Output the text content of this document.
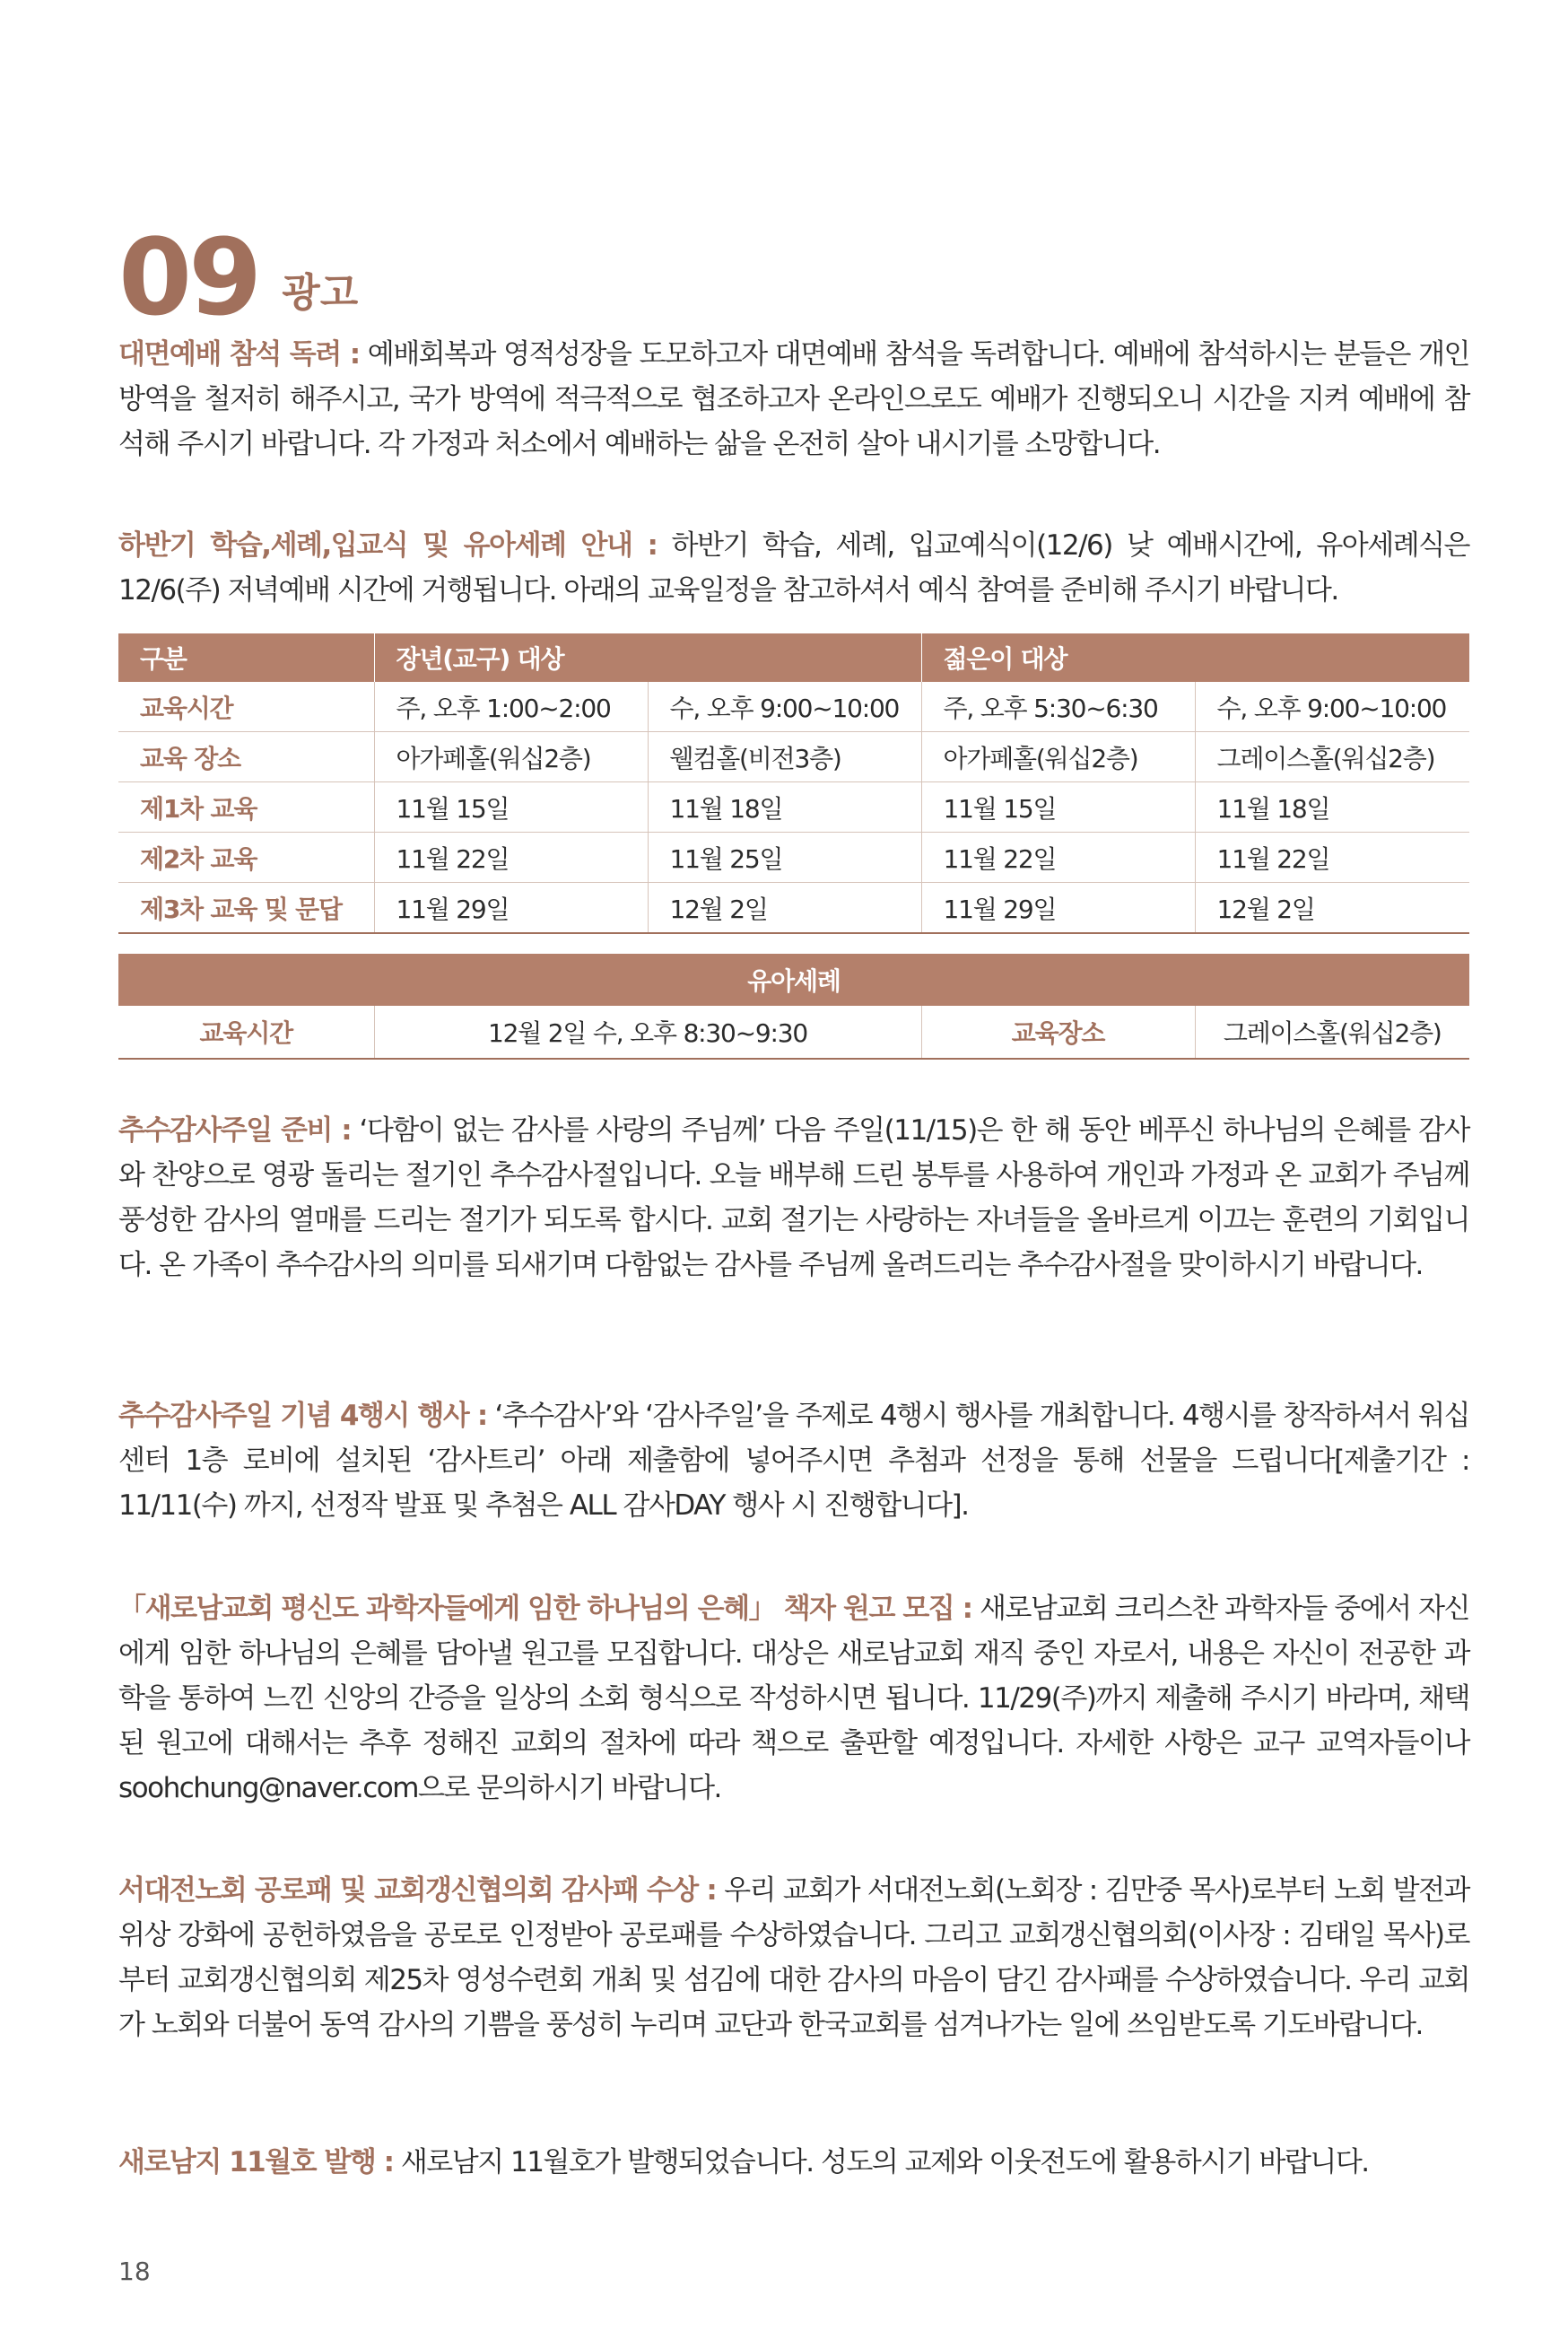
09 광고

대면예배 참석 독려 : 예배회복과 영적성장을 도모하고자 대면예배 참석을 독려합니다. 예배에 참석하시는 분들은 개인 방역을 철저히 해주시고, 국가 방역에 적극적으로 협조하고자 온라인으로도 예배가 진행되오니 시간을 지켜 예배에 참석해 주시기 바랍니다. 각 가정과 처소에서 예배하는 삶을 온전히 살아 내시기를 소망합니다.

하반기 학습,세례,입교식 및 유아세례 안내 : 하반기 학습, 세례, 입교예식이(12/6) 낮 예배시간에, 유아세례식은 12/6(주) 저녁예배 시간에 거행됩니다. 아래의 교육일정을 참고하셔서 예식 참여를 준비해 주시기 바랍니다.

구분	장년(교구) 대상		젊은이 대상	
교육시간	주, 오후 1:00~2:00	수, 오후 9:00~10:00	주, 오후 5:30~6:30	수, 오후 9:00~10:00
교육 장소	아가페홀(워십2층)	웰컴홀(비전3층)	아가페홀(워십2층)	그레이스홀(워십2층)
제1차 교육	11월 15일	11월 18일	11월 15일	11월 18일
제2차 교육	11월 22일	11월 25일	11월 22일	11월 22일
제3차 교육 및 문답	11월 29일	12월 2일	11월 29일	12월 2일
유아세례
교육시간	12월 2일 수, 오후 8:30~9:30	교육장소	그레이스홀(워십2층)

추수감사주일 준비 : ‘다함이 없는 감사를 사랑의 주님께’ 다음 주일(11/15)은 한 해 동안 베푸신 하나님의 은혜를 감사와 찬양으로 영광 돌리는 절기인 추수감사절입니다. 오늘 배부해 드린 봉투를 사용하여 개인과 가정과 온 교회가 주님께 풍성한 감사의 열매를 드리는 절기가 되도록 합시다. 교회 절기는 사랑하는 자녀들을 올바르게 이끄는 훈련의 기회입니다. 온 가족이 추수감사의 의미를 되새기며 다함없는 감사를 주님께 올려드리는 추수감사절을 맞이하시기 바랍니다.

추수감사주일 기념 4행시 행사 : ‘추수감사’와 ‘감사주일’을 주제로 4행시 행사를 개최합니다. 4행시를 창작하셔서 워십센터 1층 로비에 설치된 ‘감사트리’ 아래 제출함에 넣어주시면 추첨과 선정을 통해 선물을 드립니다[제출기간 : 11/11(수) 까지, 선정작 발표 및 추첨은 ALL 감사DAY 행사 시 진행합니다].

「새로남교회 평신도 과학자들에게 임한 하나님의 은혜」 책자 원고 모집 : 새로남교회 크리스찬 과학자들 중에서 자신에게 임한 하나님의 은혜를 담아낼 원고를 모집합니다. 대상은 새로남교회 재직 중인 자로서, 내용은 자신이 전공한 과학을 통하여 느낀 신앙의 간증을 일상의 소회 형식으로 작성하시면 됩니다. 11/29(주)까지 제출해 주시기 바라며, 채택된 원고에 대해서는 추후 정해진 교회의 절차에 따라 책으로 출판할 예정입니다. 자세한 사항은 교구 교역자들이나 soohchung@naver.com으로 문의하시기 바랍니다.

서대전노회 공로패 및 교회갱신협의회 감사패 수상 : 우리 교회가 서대전노회(노회장 : 김만중 목사)로부터 노회 발전과 위상 강화에 공헌하였음을 공로로 인정받아 공로패를 수상하였습니다. 그리고 교회갱신협의회(이사장 : 김태일 목사)로부터 교회갱신협의회 제25차 영성수련회 개최 및 섬김에 대한 감사의 마음이 담긴 감사패를 수상하였습니다. 우리 교회가 노회와 더불어 동역 감사의 기쁨을 풍성히 누리며 교단과 한국교회를 섬겨나가는 일에 쓰임받도록 기도바랍니다.

새로남지 11월호 발행 : 새로남지 11월호가 발행되었습니다. 성도의 교제와 이웃전도에 활용하시기 바랍니다.

18
